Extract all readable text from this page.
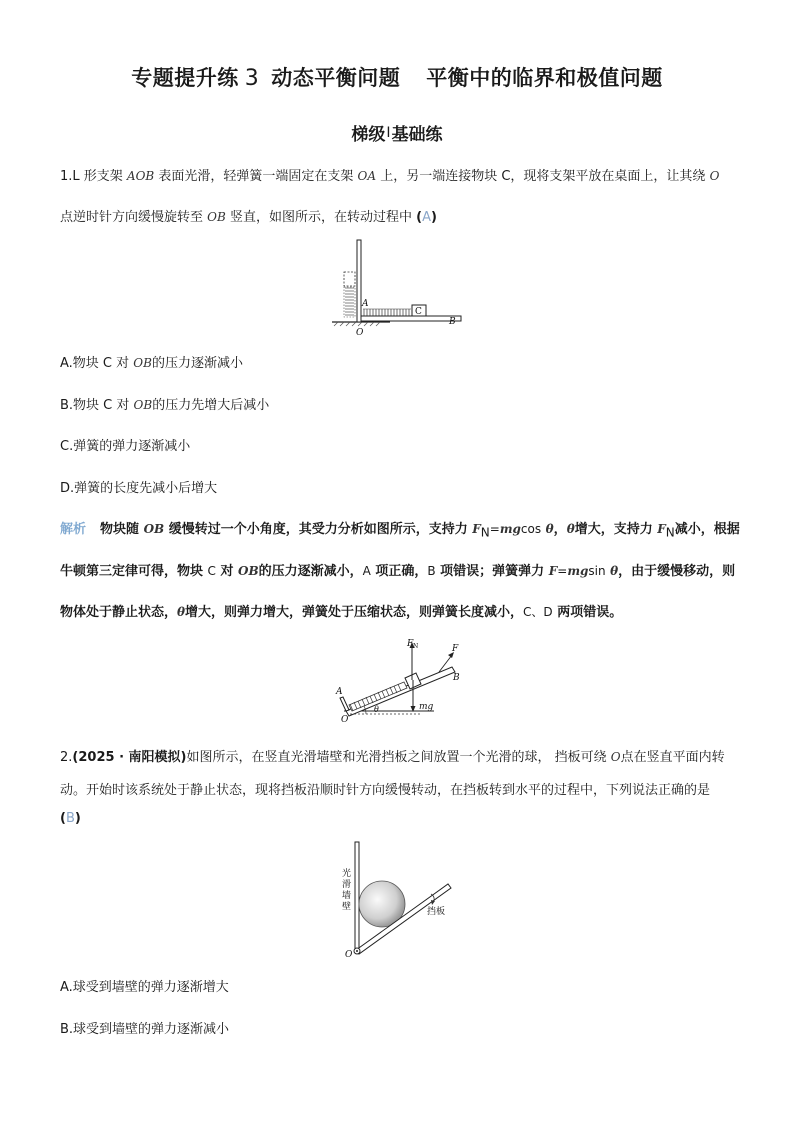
专题提升练 3 动态平衡问题 平衡中的临界和极值问题
梯级Ⅰ基础练
1.L 形支架 AOB 表面光滑，轻弹簧一端固定在支架 OA 上，另一端连接物块 C，现将支架平放在桌面上，让其绕 O
点逆时针方向缓慢旋转至 OB 竖直，如图所示，在转动过程中 (A)
C
A
B
O
A.物块 C 对 OB的压力逐渐减小
B.物块 C 对 OB的压力先增大后减小
C.弹簧的弹力逐渐减小
D.弹簧的长度先减小后增大
解析 物块随 OB 缓慢转过一个小角度，其受力分析如图所示，支持力 $F_N=mgcos$ θ，θ增大，支持力 $F_N$减小，根据
牛顿第三定律可得，物块 C 对 OB的压力逐渐减小，A 项正确，B 项错误；弹簧弹力 F=mgsin θ，由于缓慢移动，则
物体处于静止状态，θ增大，则弹力增大，弹簧处于压缩状态，则弹簧长度减小，C、D 两项错误。
F N	F
B
A
O
θ	mg
2.(2025 · 南阳模拟)如图所示，在竖直光滑墙壁和光滑挡板之间放置一个光滑的球， 挡板可绕 O点在竖直平面内转
动。开始时该系统处于静止状态，现将挡板沿顺时针方向缓慢转动，在挡板转到水平的过程中，下列说法正确的是
(B)
光
滑
墙
壁	挡板
O
A.球受到墙壁的弹力逐渐增大
B.球受到墙壁的弹力逐渐减小
